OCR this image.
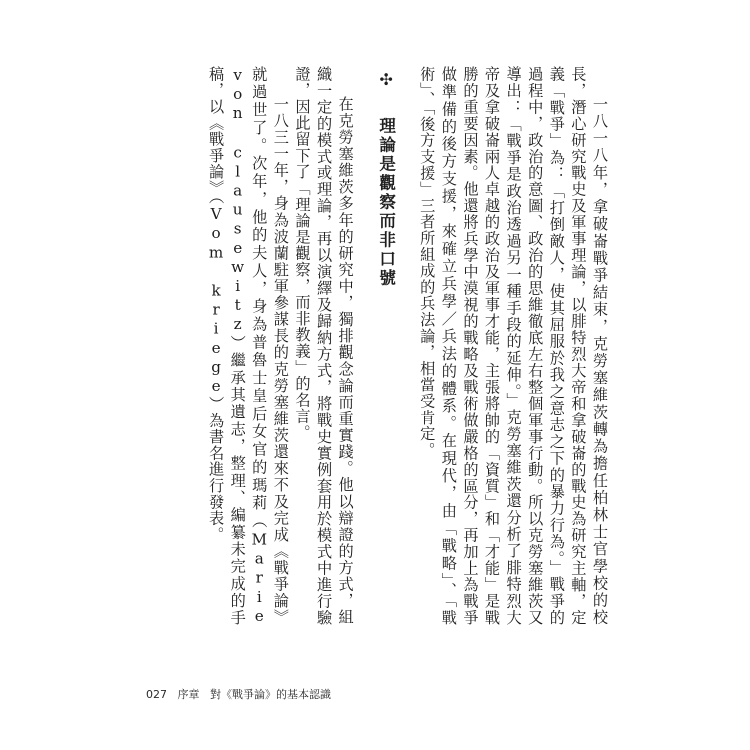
一八一八年，拿破崙戰爭結束，克勞塞維茨轉為擔任柏林士官學校的校長，潛心研究戰史及軍事理論，以腓特烈大帝和拿破崙的戰史為研究主軸，定義「戰爭」為：「打倒敵人，使其屈服於我之意志之下的暴力行為。」戰爭的過程中，政治的意圖、政治的思維徹底左右整個軍事行動。所以克勞塞維茨又導出：「戰爭是政治透過另一種手段的延伸。」克勞塞維茨還分析了腓特烈大帝及拿破崙兩人卓越的政治及軍事才能，主張將帥的「資質」和「才能」是戰勝的重要因素。他還將兵學中漠視的戰略及戰術做嚴格的區分，再加上為戰爭做準備的後方支援，來確立兵學／兵法的體系。在現代，由「戰略」、「戰術」、「後方支援」三者所組成的兵法論，相當受肯定。

✣ 理論是觀察而非口號

在克勞塞維茨多年的研究中，獨排觀念論而重實踐。他以辯證的方式，組織一定的模式或理論，再以演繹及歸納方式，將戰史實例套用於模式中進行驗證，因此留下了「理論是觀察，而非教義」的名言。

一八三一年，身為波蘭駐軍參謀長的克勞塞維茨還來不及完成《戰爭論》就過世了。次年，他的夫人，身為普魯士皇后女官的瑪莉（Marie von clausewitz）繼承其遺志，整理、編纂未完成的手稿，以《戰爭論》（Vom kriege）為書名進行發表。

027 序章 對《戰爭論》的基本認識
